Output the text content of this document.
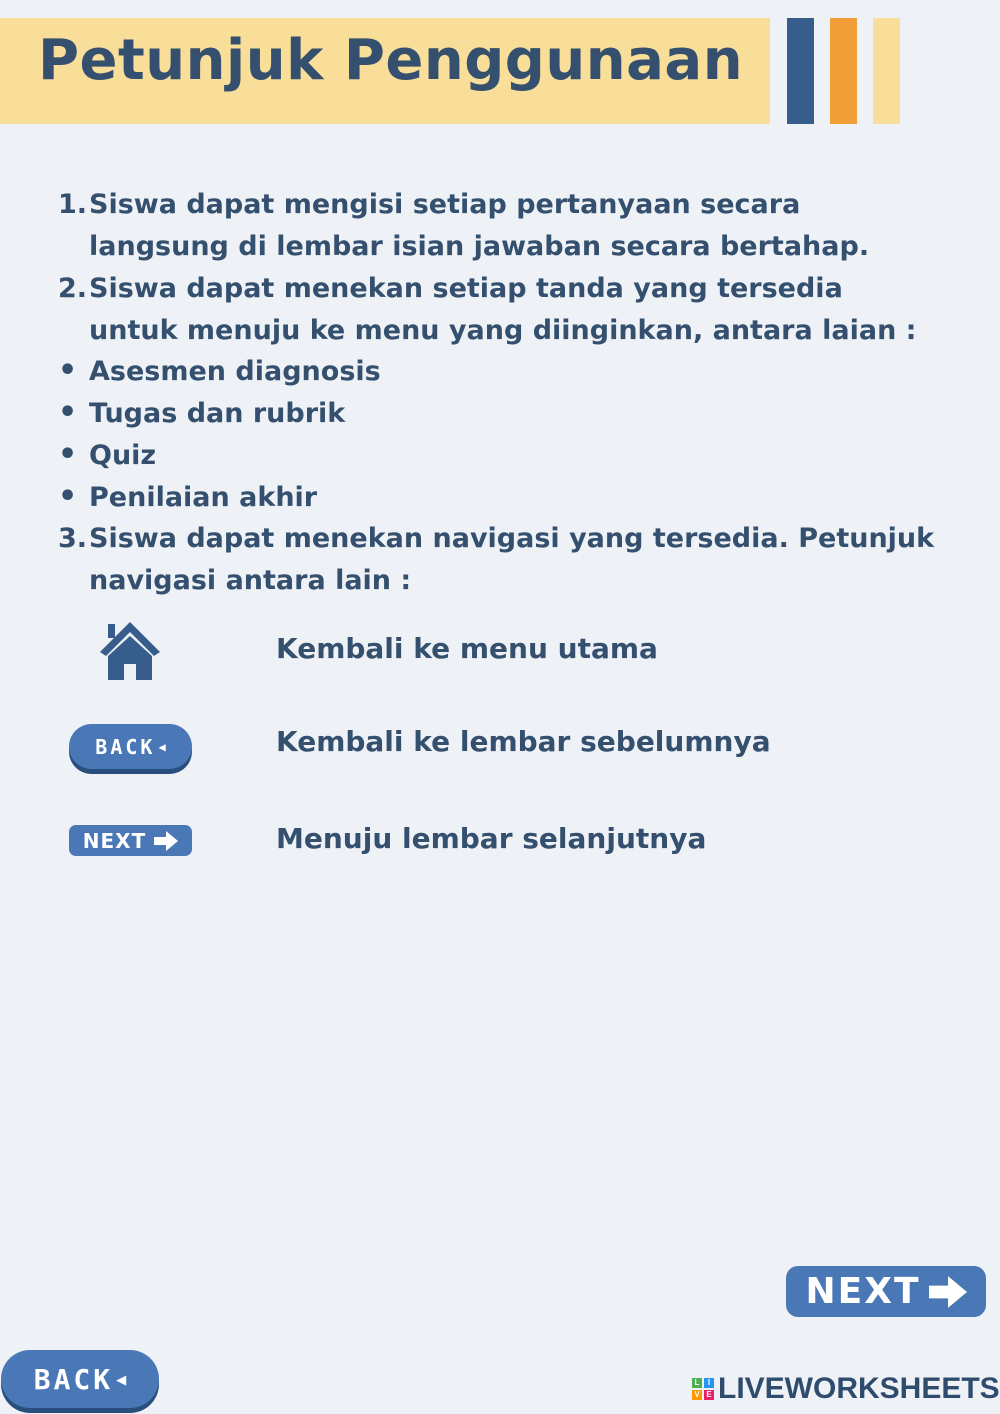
Petunjuk Penggunaan
1. Siswa dapat mengisi setiap pertanyaan secara
langsung di lembar isian jawaban secara bertahap.
2. Siswa dapat menekan setiap tanda yang tersedia
untuk menuju ke menu yang diinginkan, antara laian :
• Asesmen diagnosis
• Tugas dan rubrik
• Quiz
• Penilaian akhir
3. Siswa dapat menekan navigasi yang tersedia. Petunjuk
navigasi antara lain :
Kembali ke menu utama
BACK ◀	Kembali ke lembar sebelumnya
NEXT	Menuju lembar selanjutnya
NEXT
BACK ◀	L	I
V E LIVEWORKSHEETS
